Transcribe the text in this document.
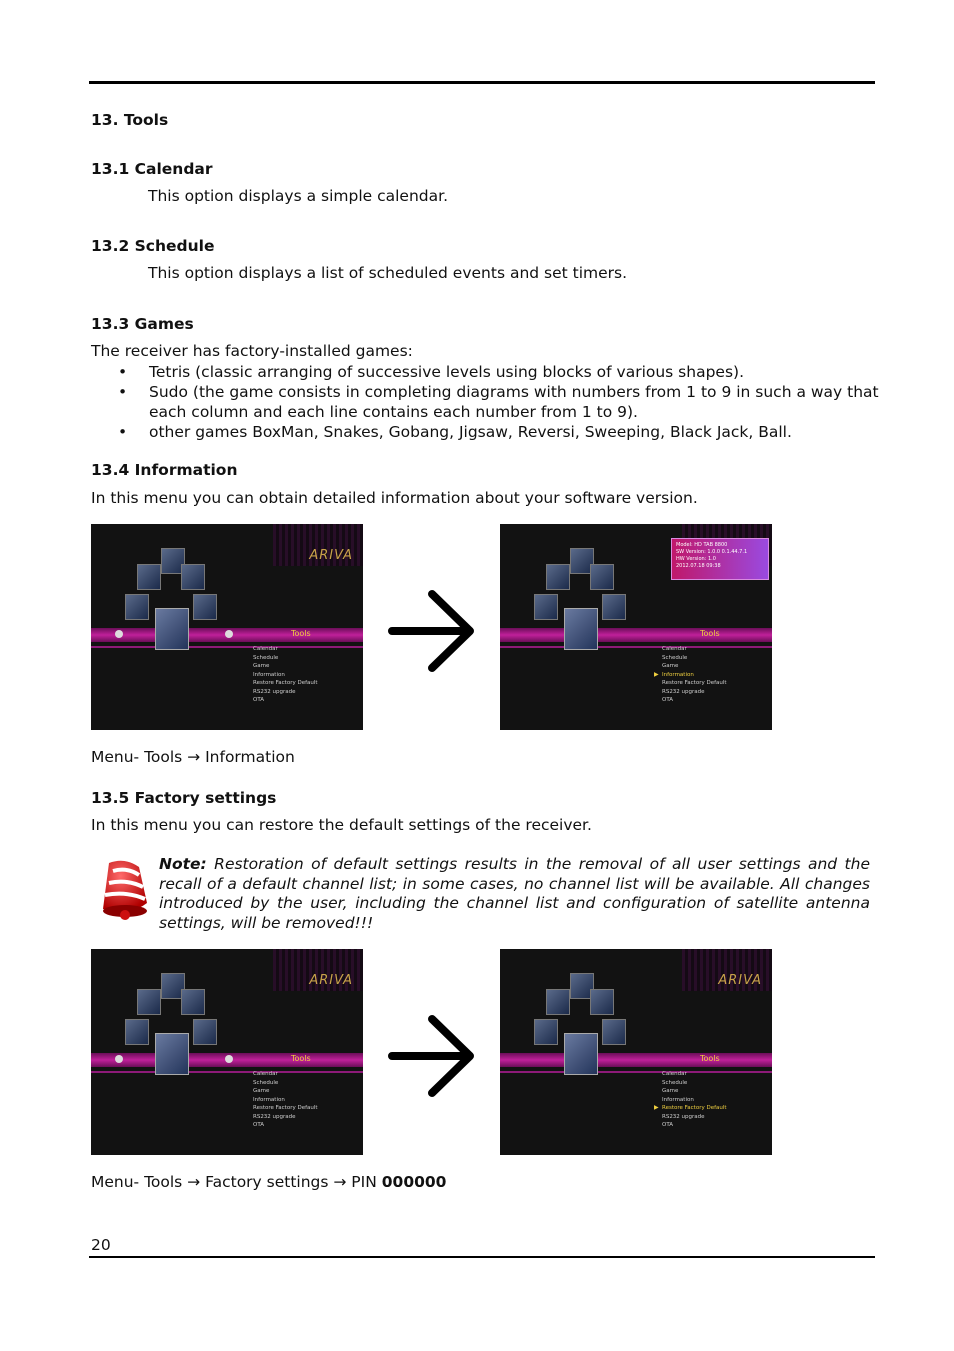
13. Tools
13.1 Calendar

This option displays a simple calendar.

13.2 Schedule

This option displays a list of scheduled events and set timers.

13.3 Games

The receiver has factory-installed games:

• Tetris (classic arranging of successive levels using blocks of various shapes).
• Sudo (the game consists in completing diagrams with numbers from 1 to 9 in such a way that each column and each line contains each number from 1 to 9).
• other games BoxMan, Snakes, Gobang, Jigsaw, Reversi, Sweeping, Black Jack, Ball.
13.4 Information

In this menu you can obtain detailed information about your software version.

ARIVA
Tools
Calendar
Schedule
Game
Information
Restore Factory Default
RS232 upgrade
OTA
Model: HD TAB 8800
SW Version: 1.0.0 0.1.44.7.1
HW Version: 1.0
2012.07.18 09:38
Tools
Calendar
Schedule
Game
▶ Information
Restore Factory Default
RS232 upgrade
OTA
Menu- Tools → Information
13.5 Factory settings

In this menu you can restore the default settings of the receiver.

Note: Restoration of default settings results in the removal of all user settings and the recall of a default channel list; in some cases, no channel list will be available. All changes introduced by the user, including the channel list and configuration of satellite antenna settings, will be removed!!!

ARIVA
Tools
Calendar
Schedule
Game
Information
Restore Factory Default
RS232 upgrade
OTA
ARIVA
Tools
Calendar
Schedule
Game
Information
▶ Restore Factory Default
RS232 upgrade
OTA
Menu- Tools → Factory settings → PIN 000000
20
